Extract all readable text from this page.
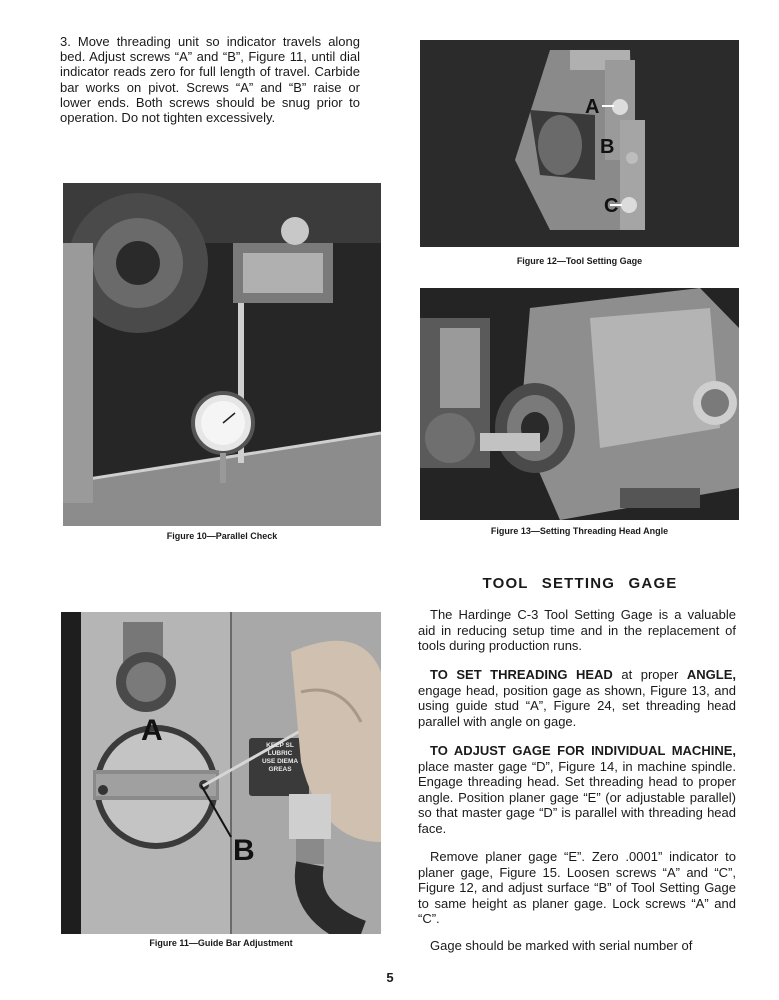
3. Move threading unit so indicator travels along bed. Adjust screws “A” and “B”, Figure 11, until dial indicator reads zero for full length of travel. Carbide bar works on pivot. Screws “A” and “B” raise or lower ends. Both screws should be snug prior to operation. Do not tighten excessively.
Figure 10—Parallel Check
A
B
KEEP SL
LUBRIC
USE DIEMA
GREAS
Figure 11—Guide Bar Adjustment
A
B
C
Figure 12—Tool Setting Gage
Figure 13—Setting Threading Head Angle
TOOL SETTING GAGE
The Hardinge C-3 Tool Setting Gage is a valuable aid in reducing setup time and in the replacement of tools during production runs.
TO SET THREADING HEAD at proper ANGLE, engage head, position gage as shown, Figure 13, and using guide stud “A”, Figure 24, set threading head parallel with angle on gage.
TO ADJUST GAGE FOR INDIVIDUAL MACHINE, place master gage “D”, Figure 14, in machine spindle. Engage threading head. Set threading head to proper angle. Position planer gage “E” (or adjustable parallel) so that master gage “D” is parallel with threading head face.
Remove planer gage “E”. Zero .0001” indicator to planer gage, Figure 15. Loosen screws “A” and “C”, Figure 12, and adjust surface “B” of Tool Setting Gage to same height as planer gage. Lock screws “A” and “C”.
Gage should be marked with serial number of
5
